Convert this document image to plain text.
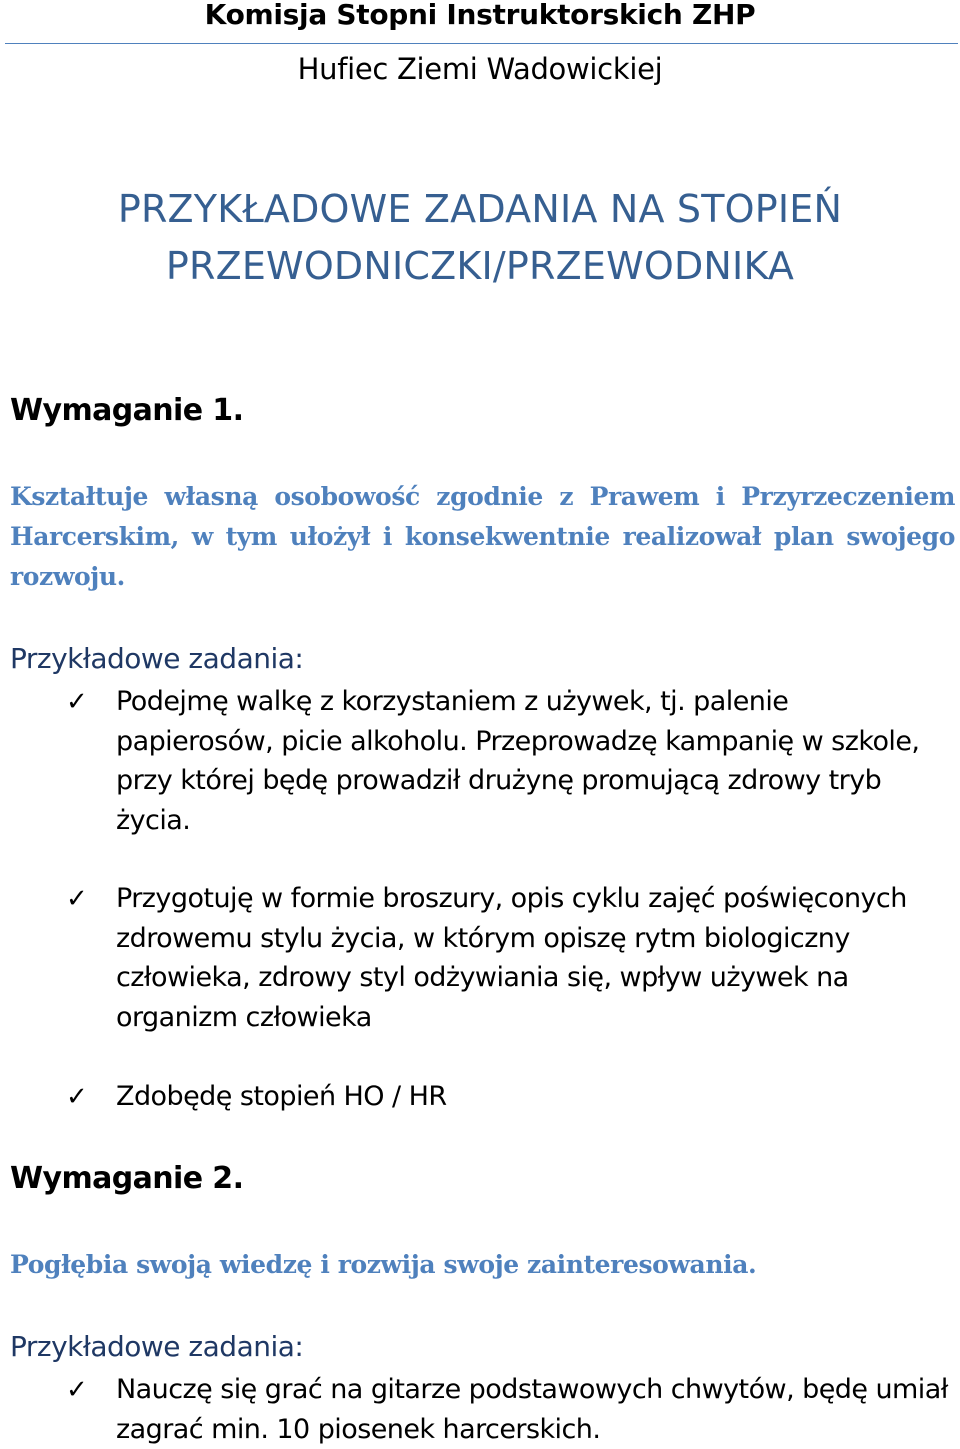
Komisja Stopni Instruktorskich ZHP
Hufiec Ziemi Wadowickiej
PRZYKŁADOWE ZADANIA NA STOPIEŃ
PRZEWODNICZKI/PRZEWODNIKA
Wymaganie 1.
Kształtuje własną osobowość zgodnie z Prawem i Przyrzeczeniem Harcerskim, w tym ułożył i konsekwentnie realizował plan swojego rozwoju.
Przykładowe zadania:
✓ Podejmę walkę z korzystaniem z używek, tj. palenie papierosów, picie alkoholu. Przeprowadzę kampanię w szkole, przy której będę prowadził drużynę promującą zdrowy tryb życia.
✓ Przygotuję w formie broszury, opis cyklu zajęć poświęconych zdrowemu stylu życia, w którym opiszę rytm biologiczny człowieka, zdrowy styl odżywiania się, wpływ używek na organizm człowieka
✓ Zdobędę stopień HO / HR
Wymaganie 2.
Pogłębia swoją wiedzę i rozwija swoje zainteresowania.
Przykładowe zadania:
✓ Nauczę się grać na gitarze podstawowych chwytów, będę umiał zagrać min. 10 piosenek harcerskich.
